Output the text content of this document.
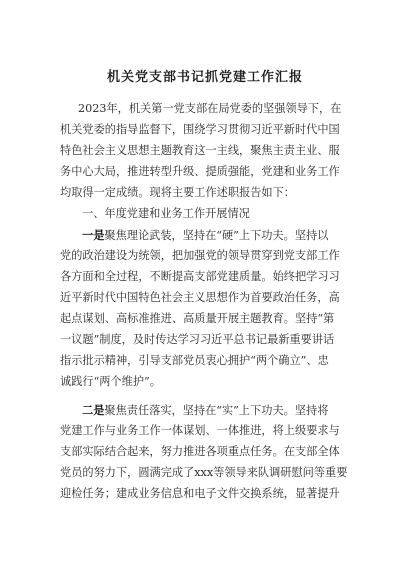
机关党支部书记抓党建工作汇报
2023年，机关第一党支部在局党委的坚强领导下，在
机关党委的指导监督下，围绕学习贯彻习近平新时代中国
特色社会主义思想主题教育这一主线，聚焦主责主业、服
务中心大局，推进转型升级、提质强能，党建和业务工作
均取得一定成绩。现将主要工作述职报告如下：
一、年度党建和业务工作开展情况
一是聚焦理论武装，坚持在“硬”上下功夫。坚持以
党的政治建设为统领，把加强党的领导贯穿到党支部工作
各方面和全过程，不断提高支部党建质量。始终把学习习
近平新时代中国特色社会主义思想作为首要政治任务，高
起点谋划、高标准推进、高质量开展主题教育。坚持“第
一议题”制度，及时传达学习习近平总书记最新重要讲话
指示批示精神，引导支部党员衷心拥护“两个确立”、忠
诚践行“两个维护”。
二是聚焦责任落实，坚持在“实”上下功夫。坚持将
党建工作与业务工作一体谋划、一体推进，将上级要求与
支部实际结合起来，努力推进各项重点任务。在支部全体
党员的努力下，圆满完成了xxx等领导来队调研慰问等重要
迎检任务；建成业务信息和电子文件交换系统，显著提升
